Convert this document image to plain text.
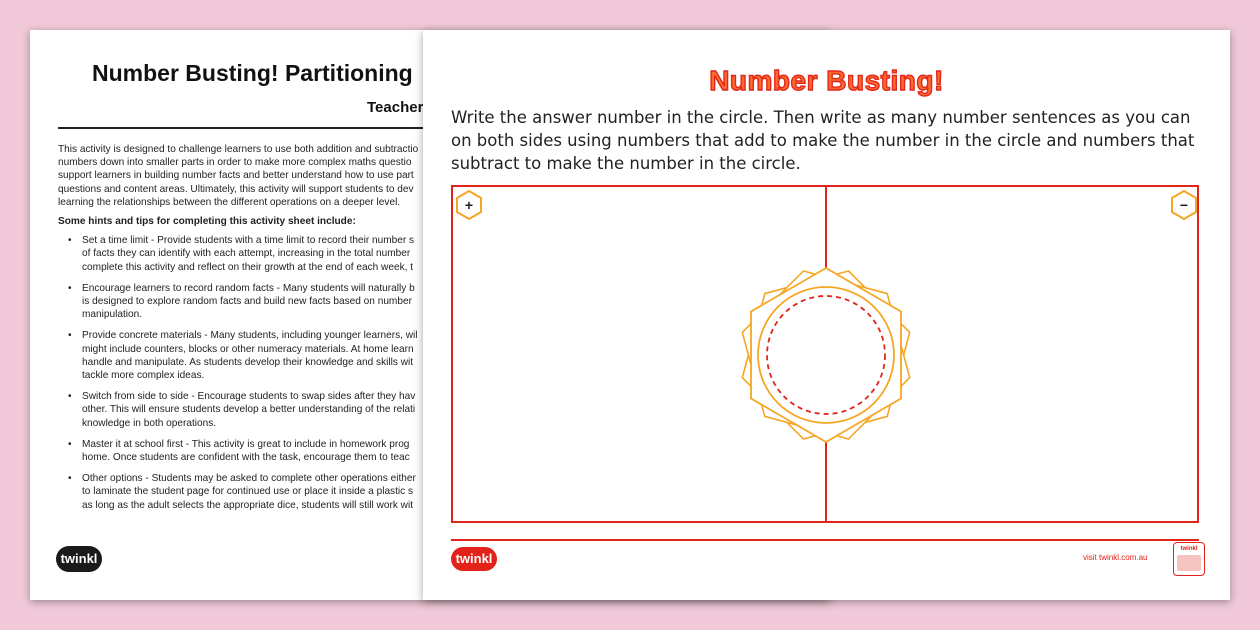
Number Busting! Partitioning
Teacher

This activity is designed to challenge learners to use both addition and subtractio
numbers down into smaller parts in order to make more complex maths questio
support learners in building number facts and better understand how to use part
questions and content areas. Ultimately, this activity will support students to dev
learning the relationships between the different operations on a deeper level.

Some hints and tips for completing this activity sheet include:
• Set a time limit - Provide students with a time limit to record their number s
of facts they can identify with each attempt, increasing in the total number
complete this activity and reflect on their growth at the end of each week, t
• Encourage learners to record random facts - Many students will naturally b
is designed to explore random facts and build new facts based on number
manipulation.
• Provide concrete materials - Many students, including younger learners, wil
might include counters, blocks or other numeracy materials. At home learn
handle and manipulate. As students develop their knowledge and skills wit
tackle more complex ideas.
• Switch from side to side - Encourage students to swap sides after they hav
other. This will ensure students develop a better understanding of the relati
knowledge in both operations.
• Master it at school first - This activity is great to include in homework prog
home. Once students are confident with the task, encourage them to teac
• Other options - Students may be asked to complete other operations either
to laminate the student page for continued use or place it inside a plastic s
as long as the adult selects the appropriate dice, students will still work wit
twinkl
Number Busting!
Write the answer number in the circle. Then write as many number sentences as you can on both sides using numbers that add to make the number in the circle and numbers that subtract to make the number in the circle.
+	−
twinkl	visit twinkl.com.au
twinkl
